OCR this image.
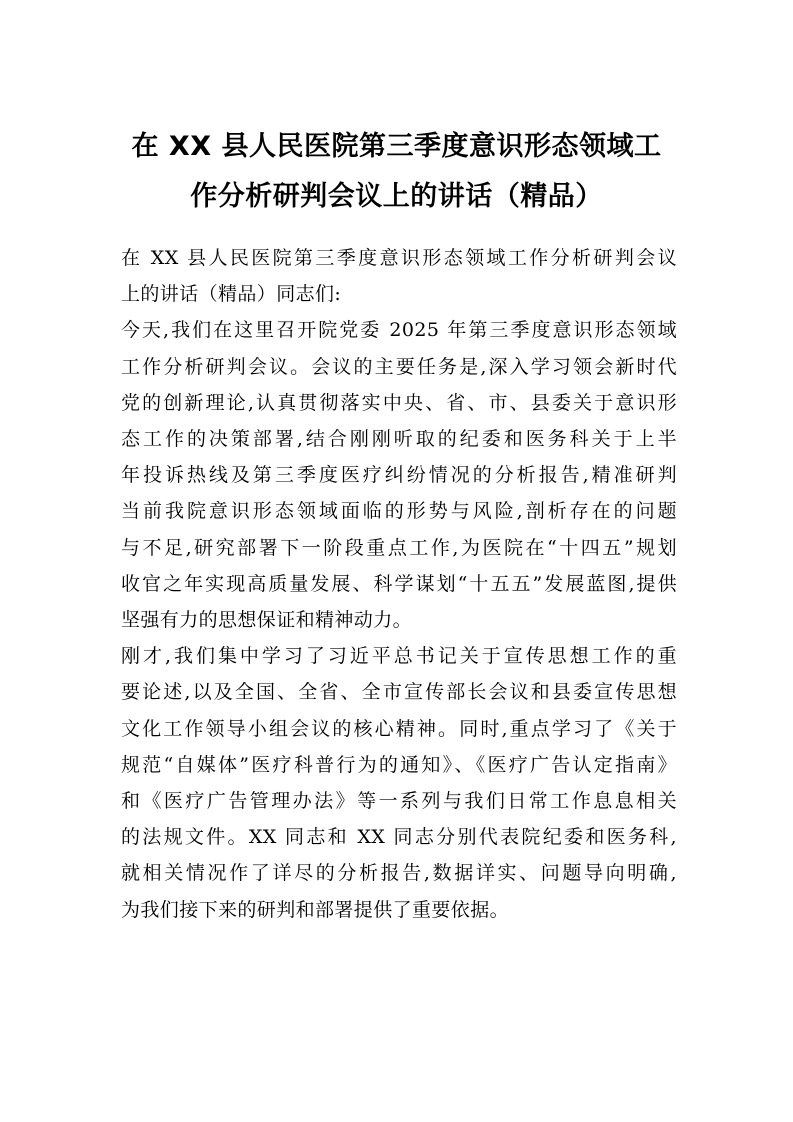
在 XX 县人民医院第三季度意识形态领域工
作分析研判会议上的讲话（精品）

在 XX 县人民医院第三季度意识形态领域工作分析研判会议
上的讲话（精品）同志们:

今天,我们在这里召开院党委 2025 年第三季度意识形态领域
工作分析研判会议。会议的主要任务是,深入学习领会新时代
党的创新理论,认真贯彻落实中央、省、市、县委关于意识形
态工作的决策部署,结合刚刚听取的纪委和医务科关于上半
年投诉热线及第三季度医疗纠纷情况的分析报告,精准研判
当前我院意识形态领域面临的形势与风险,剖析存在的问题
与不足,研究部署下一阶段重点工作,为医院在“十四五”规划
收官之年实现高质量发展、科学谋划“十五五”发展蓝图,提供
坚强有力的思想保证和精神动力。

刚才,我们集中学习了习近平总书记关于宣传思想工作的重
要论述,以及全国、全省、全市宣传部长会议和县委宣传思想
文化工作领导小组会议的核心精神。同时,重点学习了《关于
规范“自媒体”医疗科普行为的通知》、《医疗广告认定指南》
和《医疗广告管理办法》等一系列与我们日常工作息息相关
的法规文件。XX 同志和 XX 同志分别代表院纪委和医务科,
就相关情况作了详尽的分析报告,数据详实、问题导向明确,
为我们接下来的研判和部署提供了重要依据。
